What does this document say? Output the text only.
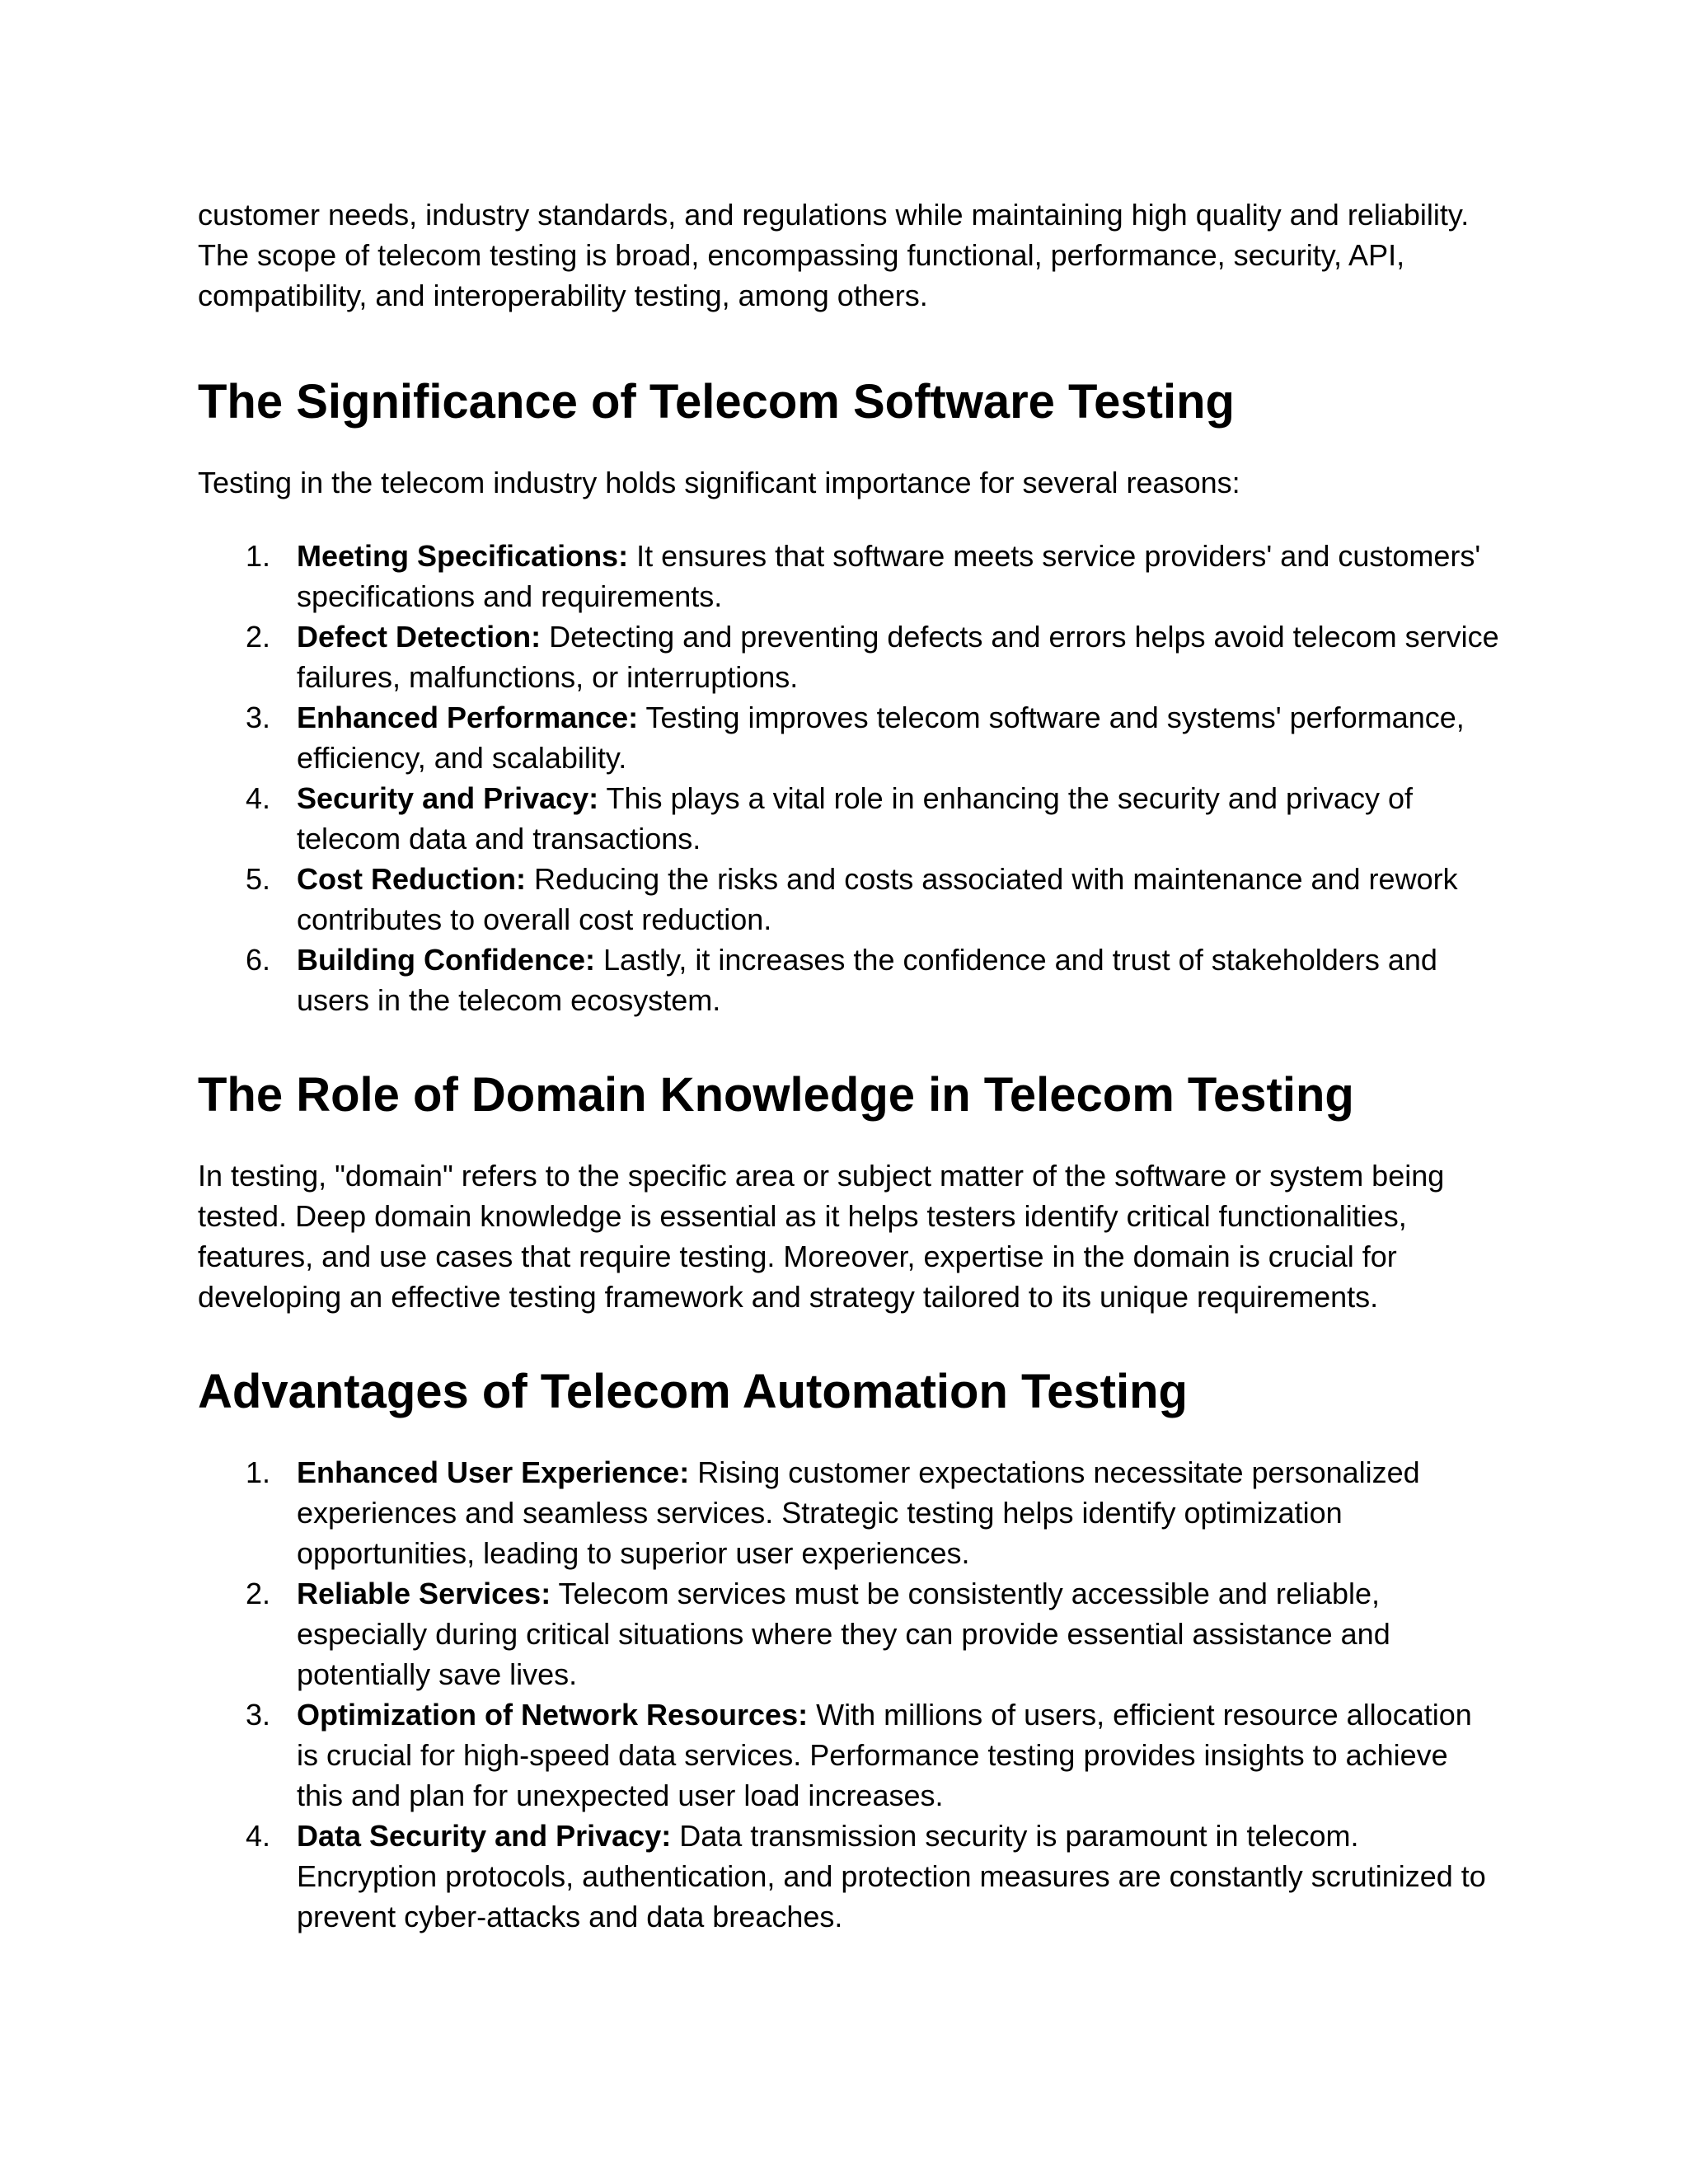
customer needs, industry standards, and regulations while maintaining high quality and reliability. The scope of telecom testing is broad, encompassing functional, performance, security, API, compatibility, and interoperability testing, among others.

The Significance of Telecom Software Testing

Testing in the telecom industry holds significant importance for several reasons:

1. Meeting Specifications: It ensures that software meets service providers' and customers' specifications and requirements.
2. Defect Detection: Detecting and preventing defects and errors helps avoid telecom service failures, malfunctions, or interruptions.
3. Enhanced Performance: Testing improves telecom software and systems' performance, efficiency, and scalability.
4. Security and Privacy: This plays a vital role in enhancing the security and privacy of telecom data and transactions.
5. Cost Reduction: Reducing the risks and costs associated with maintenance and rework contributes to overall cost reduction.
6. Building Confidence: Lastly, it increases the confidence and trust of stakeholders and users in the telecom ecosystem.
The Role of Domain Knowledge in Telecom Testing

In testing, "domain" refers to the specific area or subject matter of the software or system being tested. Deep domain knowledge is essential as it helps testers identify critical functionalities, features, and use cases that require testing. Moreover, expertise in the domain is crucial for developing an effective testing framework and strategy tailored to its unique requirements.

Advantages of Telecom Automation Testing
1. Enhanced User Experience: Rising customer expectations necessitate personalized experiences and seamless services. Strategic testing helps identify optimization opportunities, leading to superior user experiences.
2. Reliable Services: Telecom services must be consistently accessible and reliable, especially during critical situations where they can provide essential assistance and potentially save lives.
3. Optimization of Network Resources: With millions of users, efficient resource allocation is crucial for high-speed data services. Performance testing provides insights to achieve this and plan for unexpected user load increases.
4. Data Security and Privacy: Data transmission security is paramount in telecom. Encryption protocols, authentication, and protection measures are constantly scrutinized to prevent cyber-attacks and data breaches.
